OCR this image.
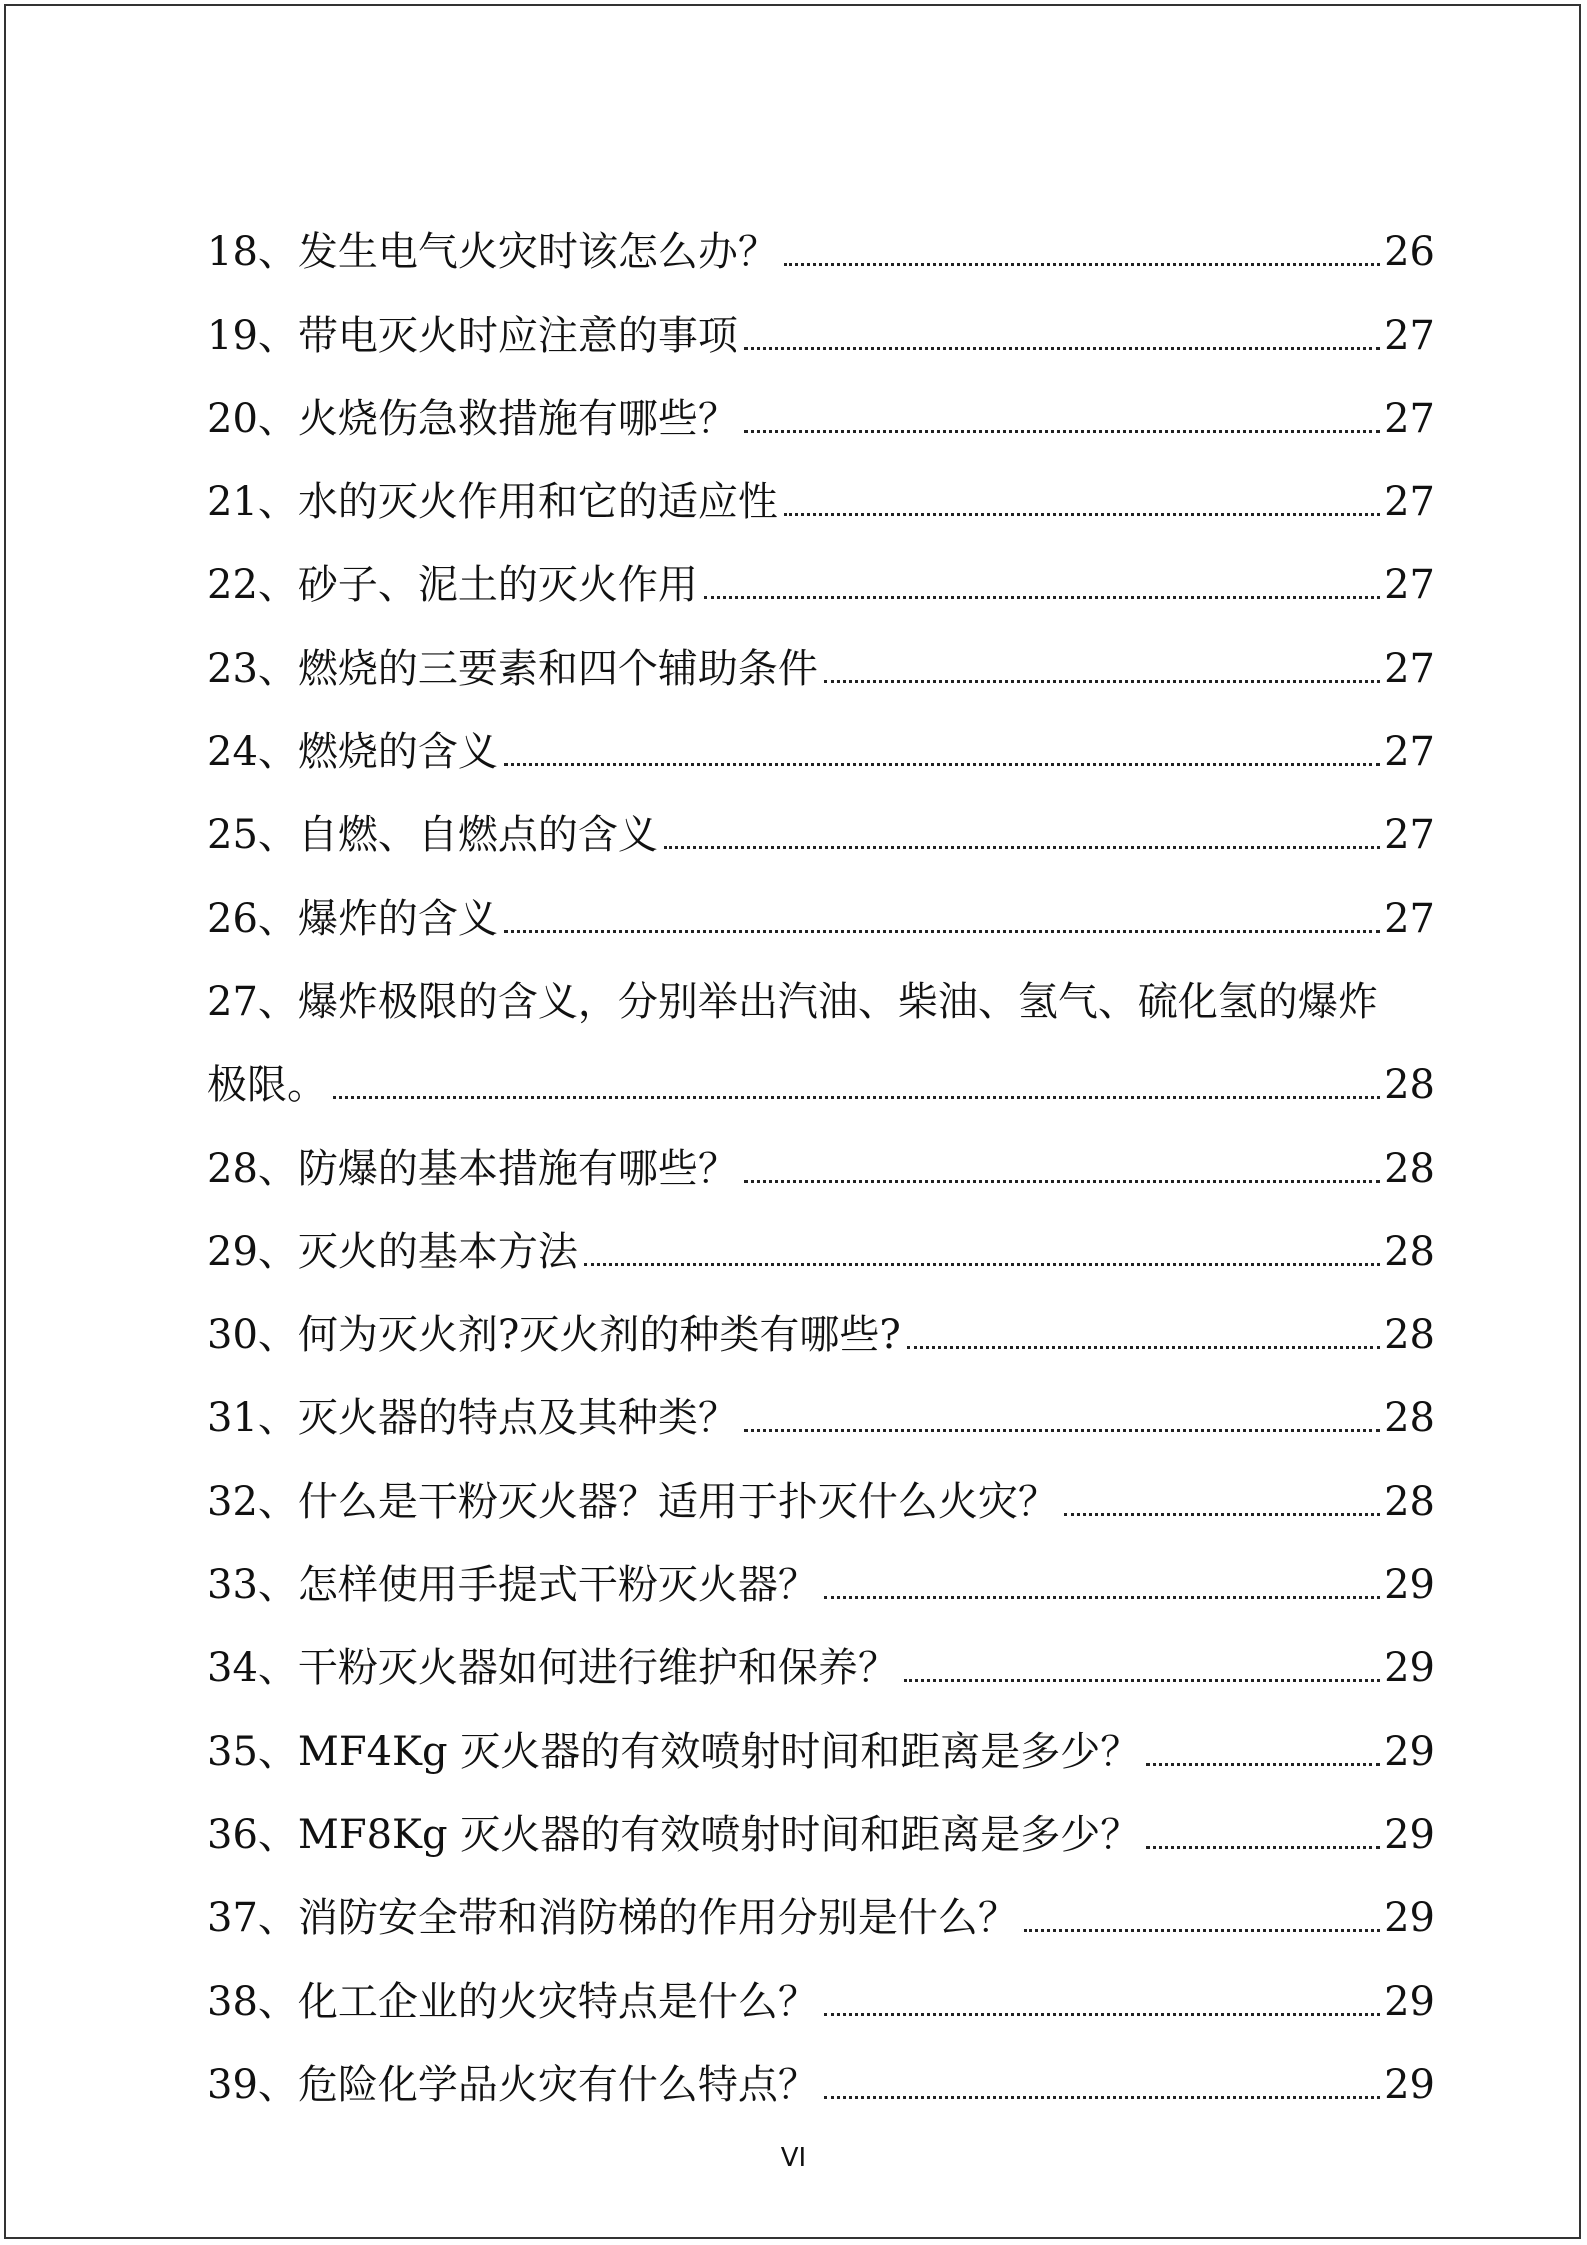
18、发生电气火灾时该怎么办？	26
19、带电灭火时应注意的事项	27
20、火烧伤急救措施有哪些？	27
21、水的灭火作用和它的适应性	27
22、砂子、泥土的灭火作用	27
23、燃烧的三要素和四个辅助条件	27
24、燃烧的含义	27
25、自燃、自燃点的含义	27
26、爆炸的含义	27
27、爆炸极限的含义，分别举出汽油、柴油、氢气、硫化氢的爆炸
极限。	28
28、防爆的基本措施有哪些？	28
29、灭火的基本方法	28
30、何为灭火剂?灭火剂的种类有哪些?	28
31、灭火器的特点及其种类？	28
32、什么是干粉灭火器？适用于扑灭什么火灾？	28
33、怎样使用手提式干粉灭火器？	29
34、干粉灭火器如何进行维护和保养？	29
35、MF4Kg 灭火器的有效喷射时间和距离是多少？	29
36、MF8Kg 灭火器的有效喷射时间和距离是多少？	29
37、消防安全带和消防梯的作用分别是什么？	29
38、化工企业的火灾特点是什么？	29
39、危险化学品火灾有什么特点？	29
VI
